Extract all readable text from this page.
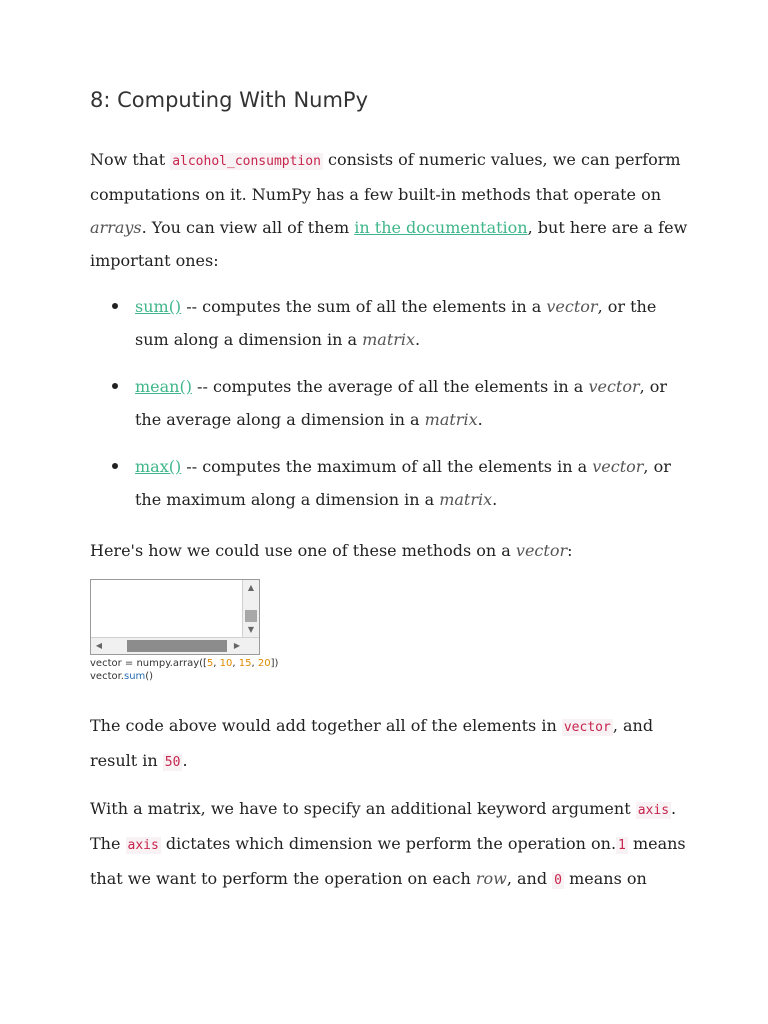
8: Computing With NumPy

Now that alcohol_consumption consists of numeric values, we can perform computations on it. NumPy has a few built-in methods that operate on arrays. You can view all of them in the documentation, but here are a few important ones:

sum() -- computes the sum of all the elements in a vector, or the sum along a dimension in a matrix.
mean() -- computes the average of all the elements in a vector, or the average along a dimension in a matrix.
max() -- computes the maximum of all the elements in a vector, or the maximum along a dimension in a matrix.

Here's how we could use one of these methods on a vector:

▲
▼
◀	▶
vector = numpy.array([5, 10, 15, 20])
vector.sum()

The code above would add together all of the elements in vector , and result in 50 .

With a matrix, we have to specify an additional keyword argument axis . The axis dictates which dimension we perform the operation on. 1 means that we want to perform the operation on each row, and 0 means on
